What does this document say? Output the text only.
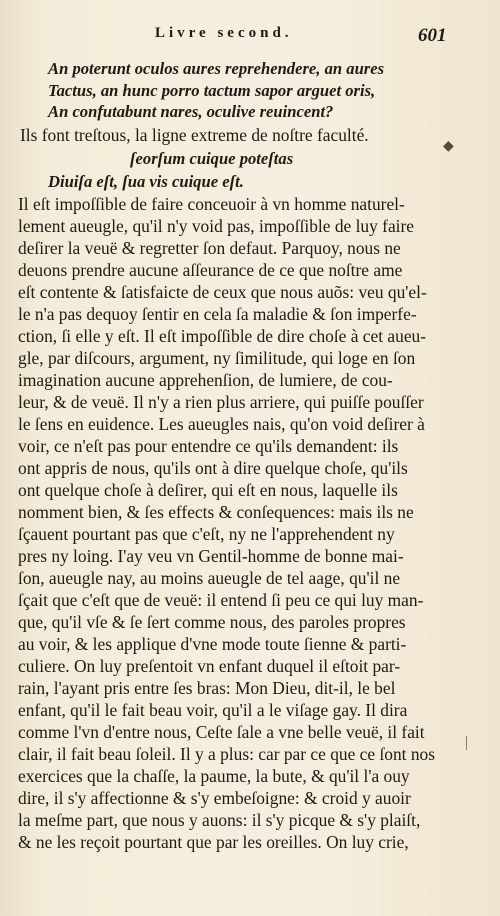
Livre second.	601
An poterunt oculos aures reprehendere, an aures
Tactus, an hunc porro tactum sapor arguet oris,
An confutabunt nares, oculive reuincent?
Ils font treſtous, la ligne extreme de noſtre faculté.
ſeorſum cuique poteſtas
Diuiſa eſt, ſua vis cuique eſt.
Il eſt impoſſible de faire conceuoir à vn homme naturel-
lement aueugle, qu'il n'y void pas, impoſſible de luy faire
deſirer la veuë & regretter ſon defaut. Parquoy, nous ne
deuons prendre aucune aſſeurance de ce que noſtre ame
eſt contente & ſatisfaicte de ceux que nous auõs: veu qu'el-
le n'a pas dequoy ſentir en cela ſa maladie & ſon imperfe-
ction, ſi elle y eſt. Il eſt impoſſible de dire choſe à cet aueu-
gle, par diſcours, argument, ny ſimilitude, qui loge en ſon
imagination aucune apprehenſion, de lumiere, de cou-
leur, & de veuë. Il n'y a rien plus arriere, qui puiſſe pouſſer
le ſens en euidence. Les aueugles nais, qu'on void deſirer à
voir, ce n'eſt pas pour entendre ce qu'ils demandent: ils
ont appris de nous, qu'ils ont à dire quelque choſe, qu'ils
ont quelque choſe à deſirer, qui eſt en nous, laquelle ils
nomment bien, & ſes effects & conſequences: mais ils ne
ſçauent pourtant pas que c'eſt, ny ne l'apprehendent ny
pres ny loing. I'ay veu vn Gentil-homme de bonne mai-
ſon, aueugle nay, au moins aueugle de tel aage, qu'il ne
ſçait que c'eſt que de veuë: il entend ſi peu ce qui luy man-
que, qu'il vſe & ſe ſert comme nous, des paroles propres
au voir, & les applique d'vne mode toute ſienne & parti-
culiere. On luy preſentoit vn enfant duquel il eſtoit par-
rain, l'ayant pris entre ſes bras: Mon Dieu, dit-il, le bel
enfant, qu'il le fait beau voir, qu'il a le viſage gay. Il dira
comme l'vn d'entre nous, Ceſte ſale a vne belle veuë, il fait
clair, il fait beau ſoleil. Il y a plus: car par ce que ce ſont nos
exercices que la chaſſe, la paume, la bute, & qu'il l'a ouy
dire, il s'y affectionne & s'y embeſoigne: & croid y auoir
la meſme part, que nous y auons: il s'y picque & s'y plaiſt,
& ne les reçoit pourtant que par les oreilles. On luy crie,
◆
